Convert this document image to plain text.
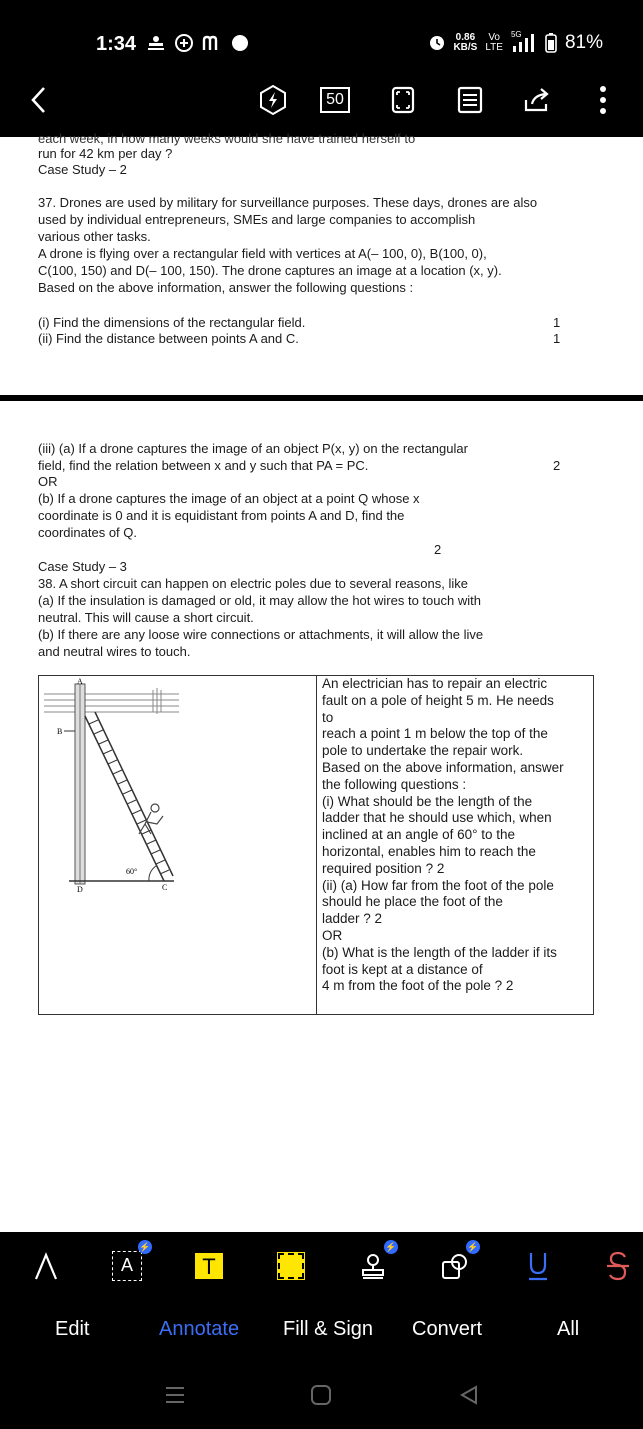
1:34	0.86
KB/S
Vo
LTE
5G 81%
50
each week, in how many weeks would she have trained herself to
run for 42 km per day ?
Case Study – 2
37. Drones are used by military for surveillance purposes. These days, drones are also
used by individual entrepreneurs, SMEs and large companies to accomplish
various other tasks.
A drone is flying over a rectangular field with vertices at A(– 100, 0), B(100, 0),
C(100, 150) and D(– 100, 150). The drone captures an image at a location (x, y).
Based on the above information, answer the following questions :
(i) Find the dimensions of the rectangular field.	1
(ii) Find the distance between points A and C.	1
(iii) (a) If a drone captures the image of an object P(x, y) on the rectangular
field, find the relation between x and y such that PA = PC.	2
OR
(b) If a drone captures the image of an object at a point Q whose x
coordinate is 0 and it is equidistant from points A and D, find the
coordinates of Q.
2
Case Study – 3
38. A short circuit can happen on electric poles due to several reasons, like
(a) If the insulation is damaged or old, it may allow the hot wires to touch with
neutral. This will cause a short circuit.
(b) If there are any loose wire connections or attachments, it will allow the live
and neutral wires to touch.
A
B
D	C
60°
An electrician has to repair an electric
fault on a pole of height 5 m. He needs
to
reach a point 1 m below the top of the
pole to undertake the repair work.
Based on the above information, answer
the following questions :
(i) What should be the length of the
ladder that he should use which, when
inclined at an angle of 60° to the
horizontal, enables him to reach the
required position ? 2
(ii) (a) How far from the foot of the pole
should he place the foot of the
ladder ? 2
OR
(b) What is the length of the ladder if its
foot is kept at a distance of
4 m from the foot of the pole ? 2
A
⚡
T
⚡	⚡
Edit	Annotate Fill & Sign Convert	All
